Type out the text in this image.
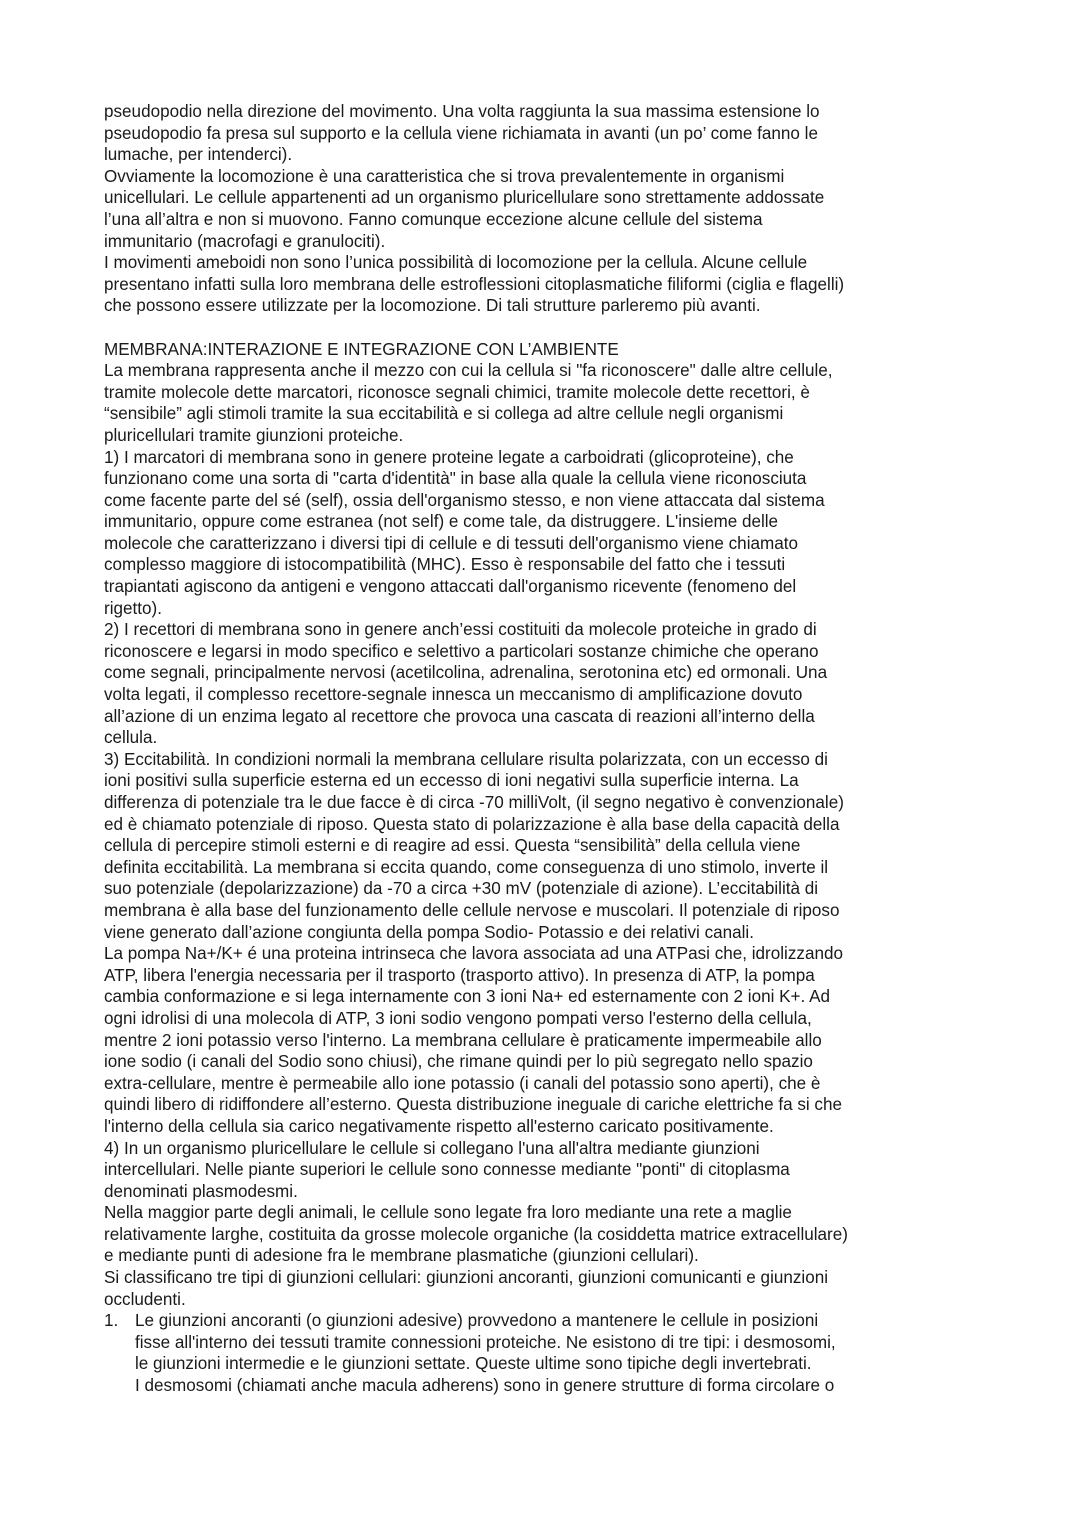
pseudopodio nella direzione del movimento. Una volta raggiunta la sua massima estensione lo

pseudopodio fa presa sul supporto e la cellula viene richiamata in avanti (un po’ come fanno le

lumache, per intenderci).

Ovviamente la locomozione è una caratteristica che si trova prevalentemente in organismi

unicellulari. Le cellule appartenenti ad un organismo pluricellulare sono strettamente addossate

l’una all’altra e non si muovono. Fanno comunque eccezione alcune cellule del sistema

immunitario (macrofagi e granulociti).

I movimenti ameboidi non sono l’unica possibilità di locomozione per la cellula. Alcune cellule

presentano infatti sulla loro membrana delle estroflessioni citoplasmatiche filiformi (ciglia e flagelli)

che possono essere utilizzate per la locomozione. Di tali strutture parleremo più avanti.

MEMBRANA:INTERAZIONE E INTEGRAZIONE CON L’AMBIENTE

La membrana rappresenta anche il mezzo con cui la cellula si "fa riconoscere" dalle altre cellule,

tramite molecole dette marcatori, riconosce segnali chimici, tramite molecole dette recettori, è

“sensibile” agli stimoli tramite la sua eccitabilità e si collega ad altre cellule negli organismi

pluricellulari tramite giunzioni proteiche.

1) I marcatori di membrana sono in genere proteine legate a carboidrati (glicoproteine), che

funzionano come una sorta di "carta d'identità" in base alla quale la cellula viene riconosciuta

come facente parte del sé (self), ossia dell'organismo stesso, e non viene attaccata dal sistema

immunitario, oppure come estranea (not self) e come tale, da distruggere. L'insieme delle

molecole che caratterizzano i diversi tipi di cellule e di tessuti dell'organismo viene chiamato

complesso maggiore di istocompatibilità (MHC). Esso è responsabile del fatto che i tessuti

trapiantati agiscono da antigeni e vengono attaccati dall'organismo ricevente (fenomeno del

rigetto).

2) I recettori di membrana sono in genere anch’essi costituiti da molecole proteiche in grado di

riconoscere e legarsi in modo specifico e selettivo a particolari sostanze chimiche che operano

come segnali, principalmente nervosi (acetilcolina, adrenalina, serotonina etc) ed ormonali. Una

volta legati, il complesso recettore-segnale innesca un meccanismo di amplificazione dovuto

all’azione di un enzima legato al recettore che provoca una cascata di reazioni all’interno della

cellula.

3) Eccitabilità. In condizioni normali la membrana cellulare risulta polarizzata, con un eccesso di

ioni positivi sulla superficie esterna ed un eccesso di ioni negativi sulla superficie interna. La

differenza di potenziale tra le due facce è di circa -70 milliVolt, (il segno negativo è convenzionale)

ed è chiamato potenziale di riposo. Questa stato di polarizzazione è alla base della capacità della

cellula di percepire stimoli esterni e di reagire ad essi. Questa “sensibilità” della cellula viene

definita eccitabilità. La membrana si eccita quando, come conseguenza di uno stimolo, inverte il

suo potenziale (depolarizzazione) da -70 a circa +30 mV (potenziale di azione). L’eccitabilità di

membrana è alla base del funzionamento delle cellule nervose e muscolari. Il potenziale di riposo

viene generato dall’azione congiunta della pompa Sodio- Potassio e dei relativi canali.

La pompa Na+/K+ é una proteina intrinseca che lavora associata ad una ATPasi che, idrolizzando

ATP, libera l'energia necessaria per il trasporto (trasporto attivo). In presenza di ATP, la pompa

cambia conformazione e si lega internamente con 3 ioni Na+ ed esternamente con 2 ioni K+. Ad

ogni idrolisi di una molecola di ATP, 3 ioni sodio vengono pompati verso l'esterno della cellula,

mentre 2 ioni potassio verso l'interno. La membrana cellulare è praticamente impermeabile allo

ione sodio (i canali del Sodio sono chiusi), che rimane quindi per lo più segregato nello spazio

extra-cellulare, mentre è permeabile allo ione potassio (i canali del potassio sono aperti), che è

quindi libero di ridiffondere all’esterno. Questa distribuzione ineguale di cariche elettriche fa si che

l'interno della cellula sia carico negativamente rispetto all'esterno caricato positivamente.

4) In un organismo pluricellulare le cellule si collegano l'una all'altra mediante giunzioni

intercellulari. Nelle piante superiori le cellule sono connesse mediante "ponti" di citoplasma

denominati plasmodesmi.

Nella maggior parte degli animali, le cellule sono legate fra loro mediante una rete a maglie

relativamente larghe, costituita da grosse molecole organiche (la cosiddetta matrice extracellulare)

e mediante punti di adesione fra le membrane plasmatiche (giunzioni cellulari).

Si classificano tre tipi di giunzioni cellulari: giunzioni ancoranti, giunzioni comunicanti e giunzioni

occludenti.

1. Le giunzioni ancoranti (o giunzioni adesive) provvedono a mantenere le cellule in posizioni

fisse all'interno dei tessuti tramite connessioni proteiche. Ne esistono di tre tipi: i desmosomi,

le giunzioni intermedie e le giunzioni settate. Queste ultime sono tipiche degli invertebrati.

I desmosomi (chiamati anche macula adherens) sono in genere strutture di forma circolare o
